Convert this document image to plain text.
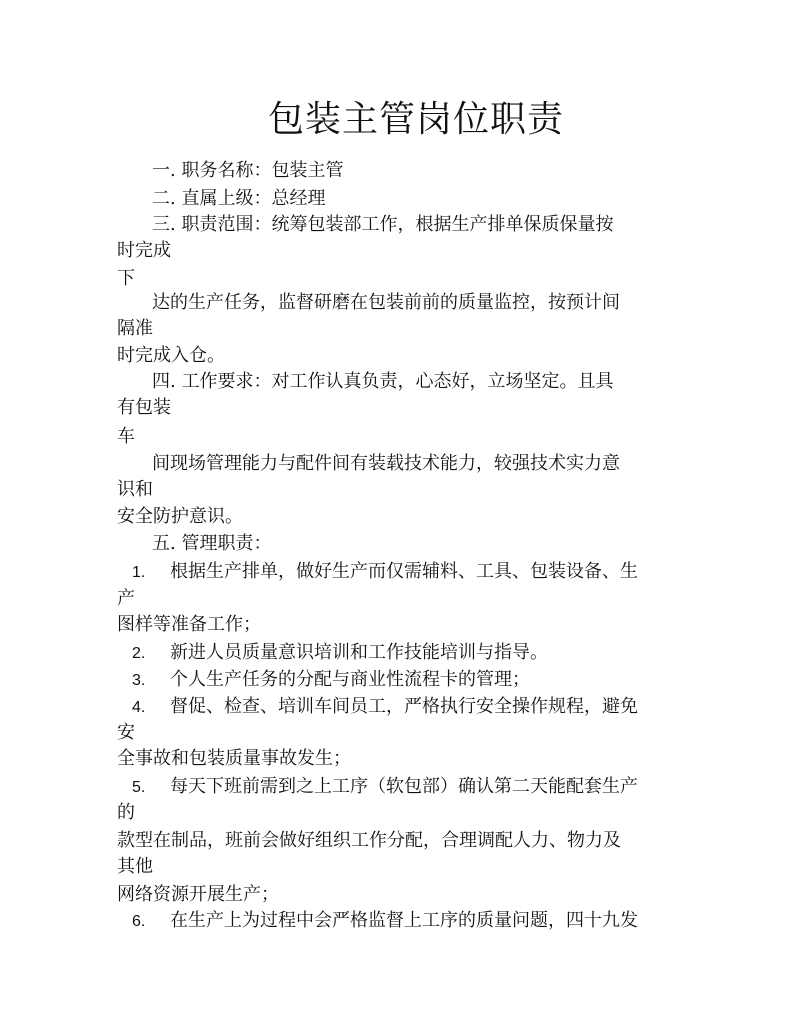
包装主管岗位职责
一. 职务名称：包装主管
二. 直属上级：总经理
三. 职责范围：统筹包装部工作，根据生产排单保质保量按
时完成
下
达的生产任务，监督研磨在包装前前的质量监控，按预计间
隔准
时完成入仓。
四. 工作要求：对工作认真负责，心态好，立场坚定。且具
有包装
车
间现场管理能力与配件间有装载技术能力，较强技术实力意
识和
安全防护意识。
五. 管理职责：
1. 根据生产排单，做好生产而仅需辅料、工具、包装设备、生
产
图样等准备工作；
2. 新进人员质量意识培训和工作技能培训与指导。
3. 个人生产任务的分配与商业性流程卡的管理；
4. 督促、检查、培训车间员工，严格执行安全操作规程，避免
安
全事故和包装质量事故发生；
5. 每天下班前需到之上工序（软包部）确认第二天能配套生产
的
款型在制品，班前会做好组织工作分配，合理调配人力、物力及
其他
网络资源开展生产；
6. 在生产上为过程中会严格监督上工序的质量问题，四十九发
